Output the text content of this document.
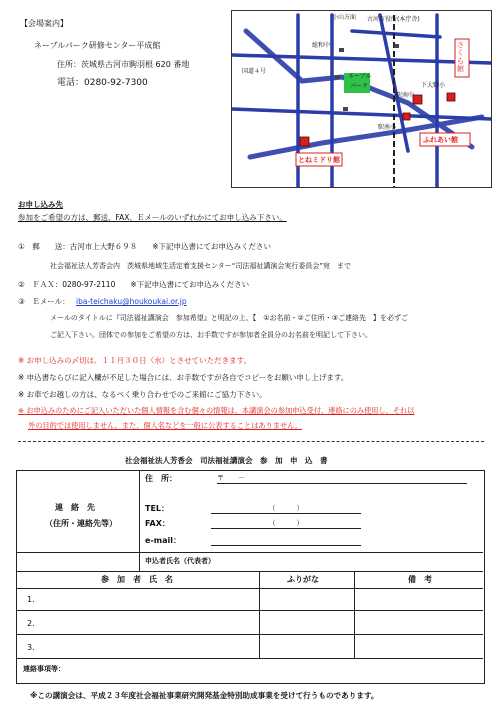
【会場案内】
ネーブルパーク研修センター平成館
住所：茨城県古河市駒羽根 620 番地
電話：0280-92-7300
小山方面 古河市役所(本庁舎)
総和中
下大野小
ネーブル
パーク
駅南中
駅南小
国道４号
さくら館
ふれあい館
とねミドリ館
お申し込み先
参加をご希望の方は、郵送、FAX、Ｅメールのいずれかにてお申し込み下さい。
①　郵　　送：古河市上大野６９８　　※下記申込書にてお申込みください
社会福祉法人芳香会内　茨城県地域生活定着支援センター“司法福祉講演会実行委員会”宛　まで
②　ＦＡＸ：0280-97-2110　　※下記申込書にてお申込みください
③　Ｅメール： iba-teichaku@houkoukai.or.jp
メールのタイトルに『司法福祉講演会　参加希望』と明記の上、【　①お名前・②ご住所・③ご連絡先　】を必ずご
ご記入下さい。団体での参加をご希望の方は、お手数ですが参加者全員分のお名前を明記して下さい。
※ お申し込みの〆切は、１１月３０日（水）とさせていただきます。
※ 申込書ならびに記入欄が不足した場合には、お手数ですが各自でコピーをお願い申し上げます。
※ お車でお越しの方は、なるべく乗り合わせでのご来館にご協力下さい。
※ お申込みのためにご記入いただいた個人情報を含む個々の情報は、本講演会の参加申込受付、連絡にのみ使用し、それ以
外の目的では使用しません。また、個人名などを一般に公表することはありません。
社会福祉法人芳香会　司法福祉講演会　参　加　申　込　書
連　絡　先
（住所・連絡先等）
住　所：	〒　　－
TEL：	（　　　）
FAX：	（　　　）
e-mail：
申込者氏名（代表者）
参　加　者　氏　名	ふりがな	備　考
1．
2．
3．
連絡事項等：
※この講演会は、平成２３年度社会福祉事業研究開発基金特別助成事業を受けて行うものであります。
